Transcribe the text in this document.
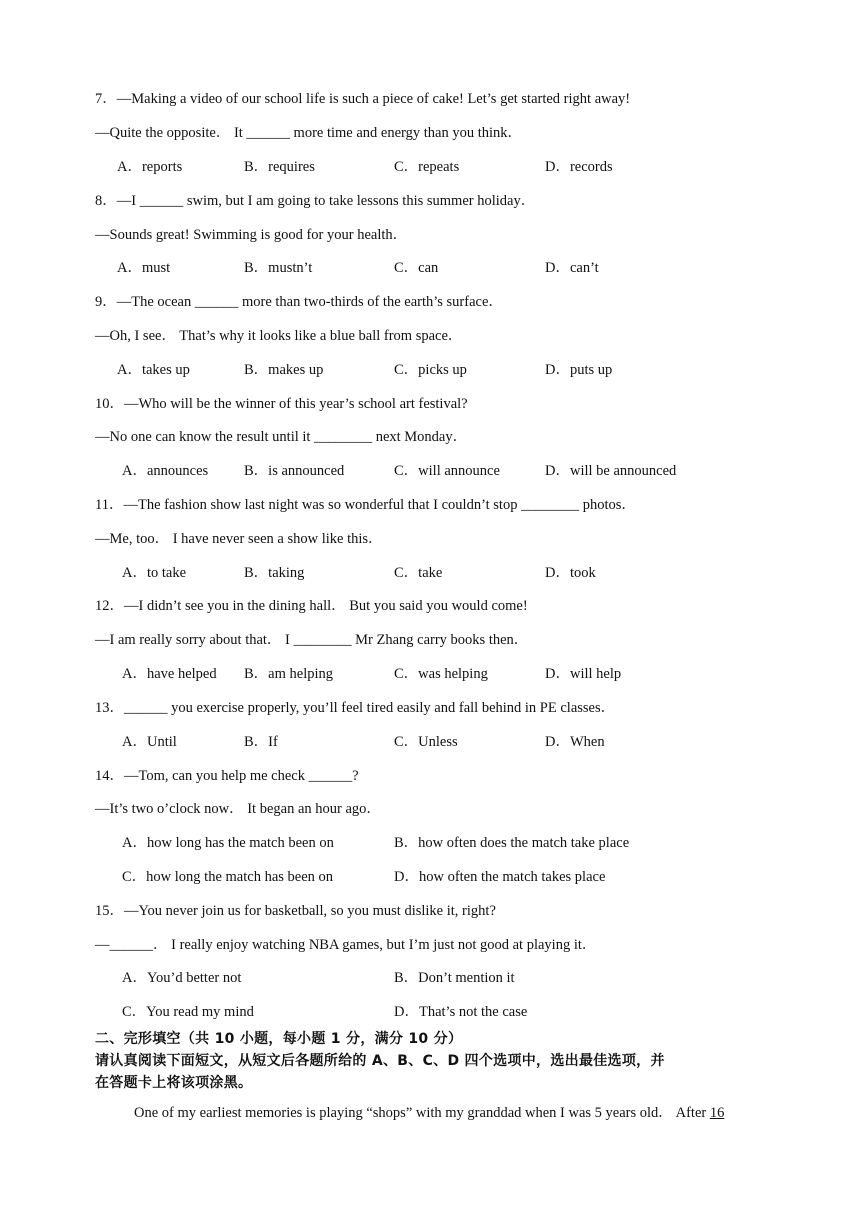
7．—Making a video of our school life is such a piece of cake! Let’s get started right away!
—Quite the opposite． It ______ more time and energy than you think．
A．reports	B．requires	C．repeats	D．records
8．—I ______ swim, but I am going to take lessons this summer holiday．
—Sounds great! Swimming is good for your health．
A．must	B．mustn’t	C．can	D．can’t
9．—The ocean ______ more than two-thirds of the earth’s surface．
—Oh, I see． That’s why it looks like a blue ball from space．
A．takes up	B．makes up	C．picks up	D．puts up
10．—Who will be the winner of this year’s school art festival?
—No one can know the result until it ________ next Monday．
A．announces B．is announced	C．will announce	D．will be announced
11．—The fashion show last night was so wonderful that I couldn’t stop ________ photos．
—Me, too． I have never seen a show like this．
A．to take	B．taking	C．take	D．took
12．—I didn’t see you in the dining hall． But you said you would come!
—I am really sorry about that． I ________ Mr Zhang carry books then．
A．have helped B．am helping	C．was helping	D．will help
13．______ you exercise properly, you’ll feel tired easily and fall behind in PE classes．
A．Until	B．If	C．Unless	D．When
14．—Tom, can you help me check ______?
—It’s two o’clock now． It began an hour ago．
A．how long has the match been on	B．how often does the match take place
C．how long the match has been on	D．how often the match takes place
15．—You never join us for basketball, so you must dislike it, right?
—______． I really enjoy watching NBA games, but I’m just not good at playing it．
A．You’d better not	B．Don’t mention it
C．You read my mind	D．That’s not the case
二、完形填空（共 10 小题，每小题 1 分，满分 10 分）
请认真阅读下面短文，从短文后各题所给的 A、B、C、D 四个选项中，选出最佳选项，并
在答题卡上将该项涂黑。
One of my earliest memories is playing “shops” with my granddad when I was 5 years old． After 16
